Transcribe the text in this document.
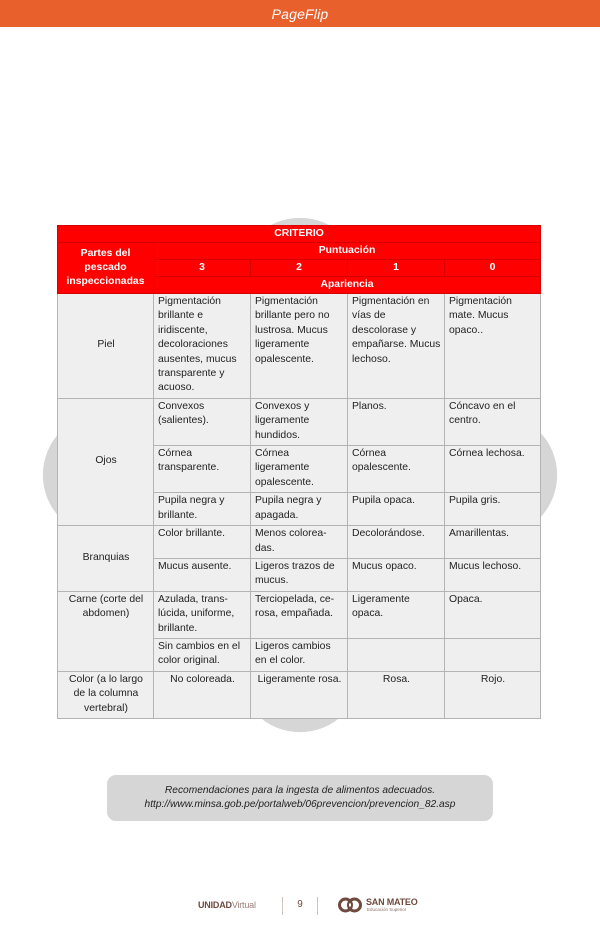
PageFlip
CRITERIO				
Partes del pescado inspeccionadas	Puntuación			
	3	2	1	0
	Apariencia			
Piel	Pigmentación brillante e iridiscente, decoloraciones ausentes, mucus transparente y acuoso.	Pigmentación brillante pero no lustrosa. Mucus ligeramente opalescente.	Pigmentación en vías de descolorase y empañarse. Mucus lechoso.	Pigmentación mate. Mucus opaco..
Ojos	Convexos (salientes).	Convexos y ligeramente hundidos.	Planos.	Cóncavo en el centro.
	Córnea transparente.	Córnea ligeramente opalescente.	Córnea opalescente.	Córnea lechosa.
	Pupila negra y brillante.	Pupila negra y apagada.	Pupila opaca.	Pupila gris.
Branquias	Color brillante.	Menos colorea-das.	Decolorándose.	Amarillentas.
	Mucus ausente.	Ligeros trazos de mucus.	Mucus opaco.	Mucus lechoso.
Carne (corte del abdomen)	Azulada, trans-lúcida, uniforme, brillante.	Terciopelada, ce-rosa, empañada.	Ligeramente opaca.	Opaca.
	Sin cambios en el color original.	Ligeros cambios en el color.		
Color (a lo largo de la columna vertebral)	No coloreada.	Ligeramente rosa.	Rosa.	Rojo.
Recomendaciones para la ingesta de alimentos adecuados.
http://www.minsa.gob.pe/portalweb/06prevencion/prevencion_82.asp
UNIDADVirtual	9	SAN MATEO
Educación Superior
